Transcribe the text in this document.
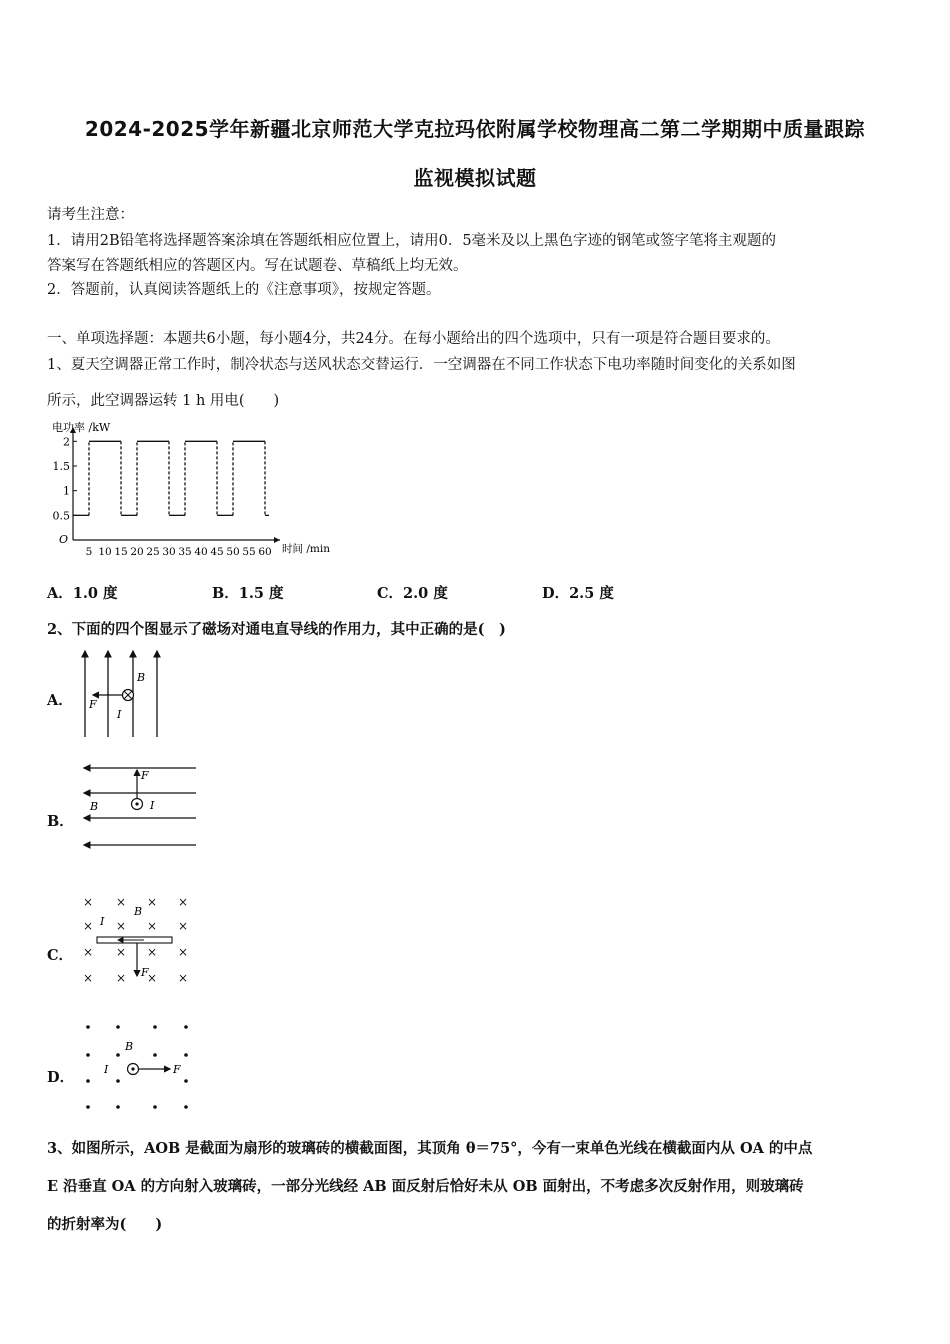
2024-2025学年新疆北京师范大学克拉玛依附属学校物理高二第二学期期中质量跟踪
监视模拟试题
请考生注意：
1．请用2B铅笔将选择题答案涂填在答题纸相应位置上，请用0．5毫米及以上黑色字迹的钢笔或签字笔将主观题的
答案写在答题纸相应的答题区内。写在试题卷、草稿纸上均无效。
2．答题前，认真阅读答题纸上的《注意事项》，按规定答题。
一、单项选择题：本题共6小题，每小题4分，共24分。在每小题给出的四个选项中，只有一项是符合题目要求的。
1、夏天空调器正常工作时，制冷状态与送风状态交替运行．一空调器在不同工作状态下电功率随时间变化的关系如图
所示，此空调器运转 1 h 用电(　　)
电功率 /kW
时间 /min
O
2
1.5
1
0.5
5 10 15 20 25 30 35 40 45 50 55 60
A．1.0 度	B．1.5 度	C．2.0 度	D．2.5 度
2、下面的四个图显示了磁场对通电直导线的作用力，其中正确的是(　)
A． F
I
B
B．
F
B	I
C．
× × × ×
× × × ×
× × × ×
× × × ×
I
B
F
D．
B
I	F
3、如图所示，AOB 是截面为扇形的玻璃砖的横截面图，其顶角 θ＝75°，今有一束单色光线在横截面内从 OA 的中点
E 沿垂直 OA 的方向射入玻璃砖，一部分光线经 AB 面反射后恰好未从 OB 面射出，不考虑多次反射作用，则玻璃砖
的折射率为(　　)
